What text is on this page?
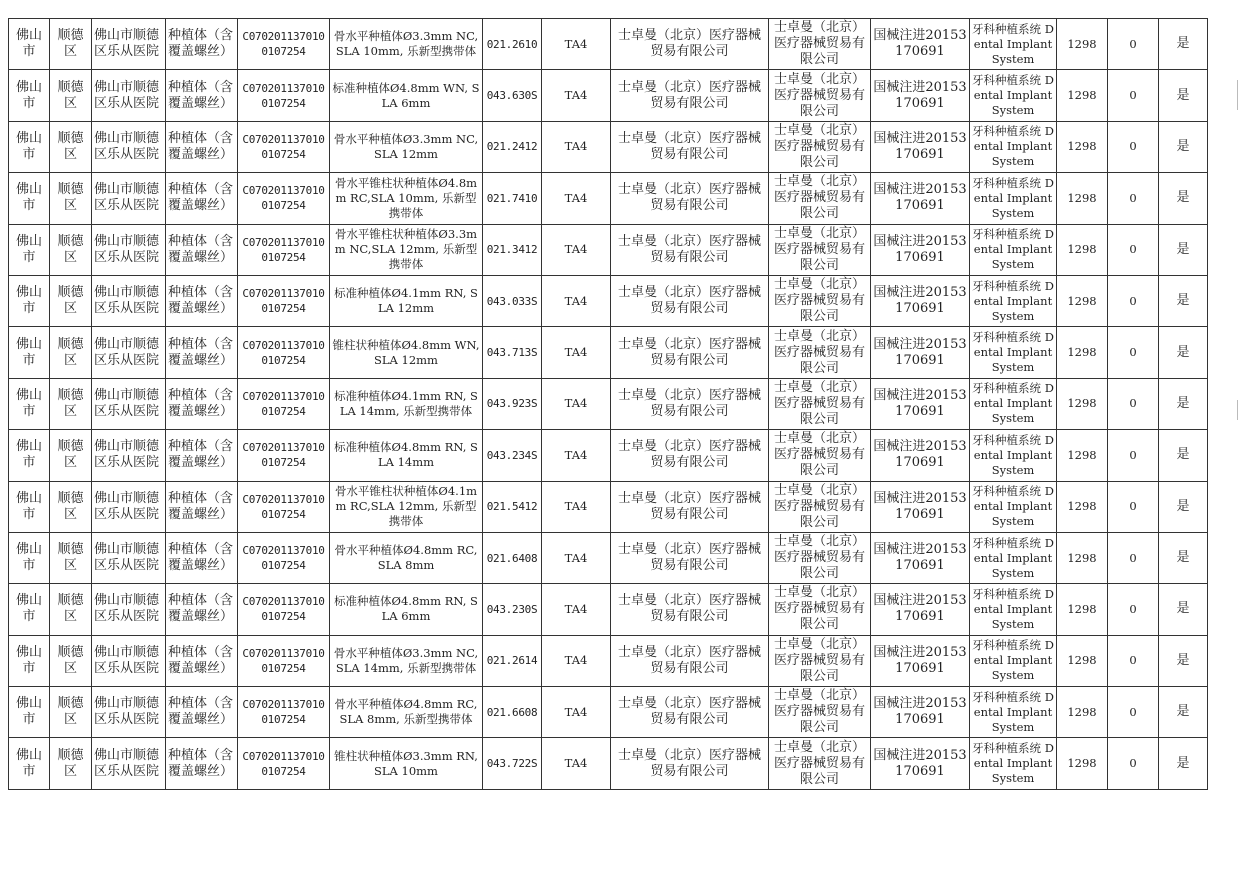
佛山市	顺德区	佛山市顺德区乐从医院	种植体（含覆盖螺丝）	C0702011370100107254	骨水平种植体Ø3.3mm NC, SLA 10mm, 乐新型携带体	021.2610	TA4	士卓曼（北京）医疗器械贸易有限公司	士卓曼（北京）医疗器械贸易有限公司	国械注进20153170691	牙科种植系统 Dental Implant System	1298	0	是
佛山市	顺德区	佛山市顺德区乐从医院	种植体（含覆盖螺丝）	C0702011370100107254	标准种植体Ø4.8mm WN, SLA 6mm	043.630S	TA4	士卓曼（北京）医疗器械贸易有限公司	士卓曼（北京）医疗器械贸易有限公司	国械注进20153170691	牙科种植系统 Dental Implant System	1298	0	是
佛山市	顺德区	佛山市顺德区乐从医院	种植体（含覆盖螺丝）	C0702011370100107254	骨水平种植体Ø3.3mm NC, SLA 12mm	021.2412	TA4	士卓曼（北京）医疗器械贸易有限公司	士卓曼（北京）医疗器械贸易有限公司	国械注进20153170691	牙科种植系统 Dental Implant System	1298	0	是
佛山市	顺德区	佛山市顺德区乐从医院	种植体（含覆盖螺丝）	C0702011370100107254	骨水平锥柱状种植体Ø4.8mm RC,SLA 10mm, 乐新型携带体	021.7410	TA4	士卓曼（北京）医疗器械贸易有限公司	士卓曼（北京）医疗器械贸易有限公司	国械注进20153170691	牙科种植系统 Dental Implant System	1298	0	是
佛山市	顺德区	佛山市顺德区乐从医院	种植体（含覆盖螺丝）	C0702011370100107254	骨水平锥柱状种植体Ø3.3mm NC,SLA 12mm, 乐新型携带体	021.3412	TA4	士卓曼（北京）医疗器械贸易有限公司	士卓曼（北京）医疗器械贸易有限公司	国械注进20153170691	牙科种植系统 Dental Implant System	1298	0	是
佛山市	顺德区	佛山市顺德区乐从医院	种植体（含覆盖螺丝）	C0702011370100107254	标准种植体Ø4.1mm RN, SLA 12mm	043.033S	TA4	士卓曼（北京）医疗器械贸易有限公司	士卓曼（北京）医疗器械贸易有限公司	国械注进20153170691	牙科种植系统 Dental Implant System	1298	0	是
佛山市	顺德区	佛山市顺德区乐从医院	种植体（含覆盖螺丝）	C0702011370100107254	锥柱状种植体Ø4.8mm WN, SLA 12mm	043.713S	TA4	士卓曼（北京）医疗器械贸易有限公司	士卓曼（北京）医疗器械贸易有限公司	国械注进20153170691	牙科种植系统 Dental Implant System	1298	0	是
佛山市	顺德区	佛山市顺德区乐从医院	种植体（含覆盖螺丝）	C0702011370100107254	标准种植体Ø4.1mm RN, SLA 14mm, 乐新型携带体	043.923S	TA4	士卓曼（北京）医疗器械贸易有限公司	士卓曼（北京）医疗器械贸易有限公司	国械注进20153170691	牙科种植系统 Dental Implant System	1298	0	是
佛山市	顺德区	佛山市顺德区乐从医院	种植体（含覆盖螺丝）	C0702011370100107254	标准种植体Ø4.8mm RN, SLA 14mm	043.234S	TA4	士卓曼（北京）医疗器械贸易有限公司	士卓曼（北京）医疗器械贸易有限公司	国械注进20153170691	牙科种植系统 Dental Implant System	1298	0	是
佛山市	顺德区	佛山市顺德区乐从医院	种植体（含覆盖螺丝）	C0702011370100107254	骨水平锥柱状种植体Ø4.1mm RC,SLA 12mm, 乐新型携带体	021.5412	TA4	士卓曼（北京）医疗器械贸易有限公司	士卓曼（北京）医疗器械贸易有限公司	国械注进20153170691	牙科种植系统 Dental Implant System	1298	0	是
佛山市	顺德区	佛山市顺德区乐从医院	种植体（含覆盖螺丝）	C0702011370100107254	骨水平种植体Ø4.8mm RC, SLA 8mm	021.6408	TA4	士卓曼（北京）医疗器械贸易有限公司	士卓曼（北京）医疗器械贸易有限公司	国械注进20153170691	牙科种植系统 Dental Implant System	1298	0	是
佛山市	顺德区	佛山市顺德区乐从医院	种植体（含覆盖螺丝）	C0702011370100107254	标准种植体Ø4.8mm RN, SLA 6mm	043.230S	TA4	士卓曼（北京）医疗器械贸易有限公司	士卓曼（北京）医疗器械贸易有限公司	国械注进20153170691	牙科种植系统 Dental Implant System	1298	0	是
佛山市	顺德区	佛山市顺德区乐从医院	种植体（含覆盖螺丝）	C0702011370100107254	骨水平种植体Ø3.3mm NC, SLA 14mm, 乐新型携带体	021.2614	TA4	士卓曼（北京）医疗器械贸易有限公司	士卓曼（北京）医疗器械贸易有限公司	国械注进20153170691	牙科种植系统 Dental Implant System	1298	0	是
佛山市	顺德区	佛山市顺德区乐从医院	种植体（含覆盖螺丝）	C0702011370100107254	骨水平种植体Ø4.8mm RC, SLA 8mm, 乐新型携带体	021.6608	TA4	士卓曼（北京）医疗器械贸易有限公司	士卓曼（北京）医疗器械贸易有限公司	国械注进20153170691	牙科种植系统 Dental Implant System	1298	0	是
佛山市	顺德区	佛山市顺德区乐从医院	种植体（含覆盖螺丝）	C0702011370100107254	锥柱状种植体Ø3.3mm RN, SLA 10mm	043.722S	TA4	士卓曼（北京）医疗器械贸易有限公司	士卓曼（北京）医疗器械贸易有限公司	国械注进20153170691	牙科种植系统 Dental Implant System	1298	0	是
